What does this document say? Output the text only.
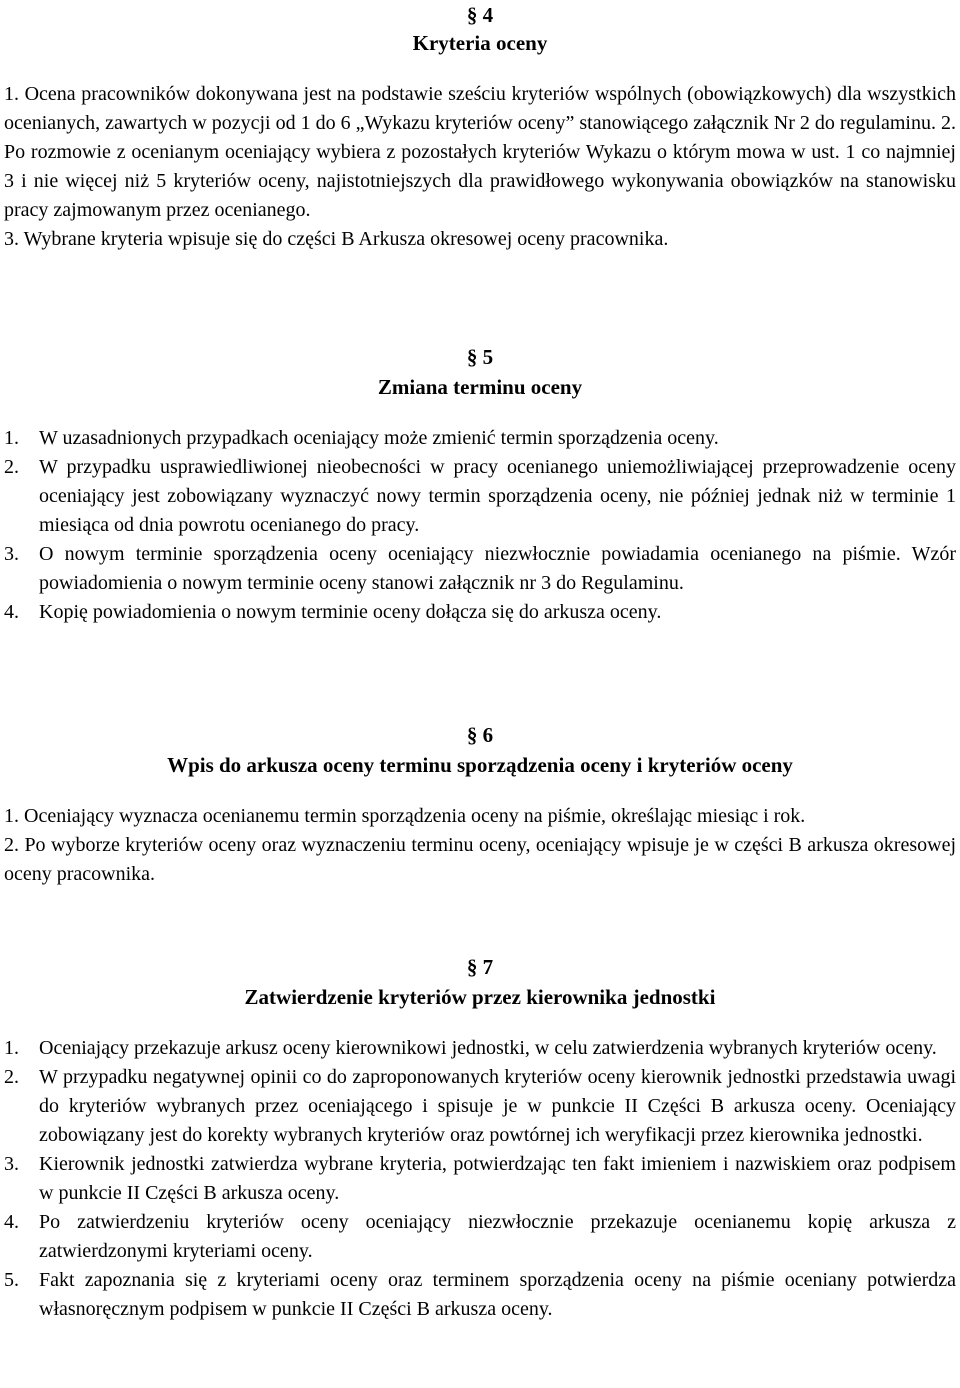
§ 4
Kryteria oceny
1. Ocena pracowników dokonywana jest na podstawie sześciu kryteriów wspólnych (obowiązkowych) dla wszystkich ocenianych, zawartych w pozycji od 1 do 6 „Wykazu kryteriów oceny” stanowiącego załącznik Nr 2 do regulaminu. 2. Po rozmowie z ocenianym oceniający wybiera z pozostałych kryteriów Wykazu o którym mowa w ust. 1 co najmniej 3 i nie więcej niż 5 kryteriów oceny, najistotniejszych dla prawidłowego wykonywania obowiązków na stanowisku pracy zajmowanym przez ocenianego.
3. Wybrane kryteria wpisuje się do części B Arkusza okresowej oceny pracownika.
§ 5
Zmiana terminu oceny
1. W uzasadnionych przypadkach oceniający może zmienić termin sporządzenia oceny.
2. W przypadku usprawiedliwionej nieobecności w pracy ocenianego uniemożliwiającej przeprowadzenie oceny oceniający jest zobowiązany wyznaczyć nowy termin sporządzenia oceny, nie później jednak niż w terminie 1 miesiąca od dnia powrotu ocenianego do pracy.
3. O nowym terminie sporządzenia oceny oceniający niezwłocznie powiadamia ocenianego na piśmie. Wzór powiadomienia o nowym terminie oceny stanowi załącznik nr 3 do Regulaminu.
4. Kopię powiadomienia o nowym terminie oceny dołącza się do arkusza oceny.
§ 6
Wpis do arkusza oceny terminu sporządzenia oceny i kryteriów oceny
1. Oceniający wyznacza ocenianemu termin sporządzenia oceny na piśmie, określając miesiąc i rok.
2. Po wyborze kryteriów oceny oraz wyznaczeniu terminu oceny, oceniający wpisuje je w części B arkusza okresowej oceny pracownika.
§ 7
Zatwierdzenie kryteriów przez kierownika jednostki
1. Oceniający przekazuje arkusz oceny kierownikowi jednostki, w celu zatwierdzenia wybranych kryteriów oceny.
2. W przypadku negatywnej opinii co do zaproponowanych kryteriów oceny kierownik jednostki przedstawia uwagi do kryteriów wybranych przez oceniającego i spisuje je w punkcie II Części B arkusza oceny. Oceniający zobowiązany jest do korekty wybranych kryteriów oraz powtórnej ich weryfikacji przez kierownika jednostki.
3. Kierownik jednostki zatwierdza wybrane kryteria, potwierdzając ten fakt imieniem i nazwiskiem oraz podpisem w punkcie II Części B arkusza oceny.
4. Po zatwierdzeniu kryteriów oceny oceniający niezwłocznie przekazuje ocenianemu kopię arkusza z zatwierdzonymi kryteriami oceny.
5. Fakt zapoznania się z kryteriami oceny oraz terminem sporządzenia oceny na piśmie oceniany potwierdza własnoręcznym podpisem w punkcie II Części B arkusza oceny.
